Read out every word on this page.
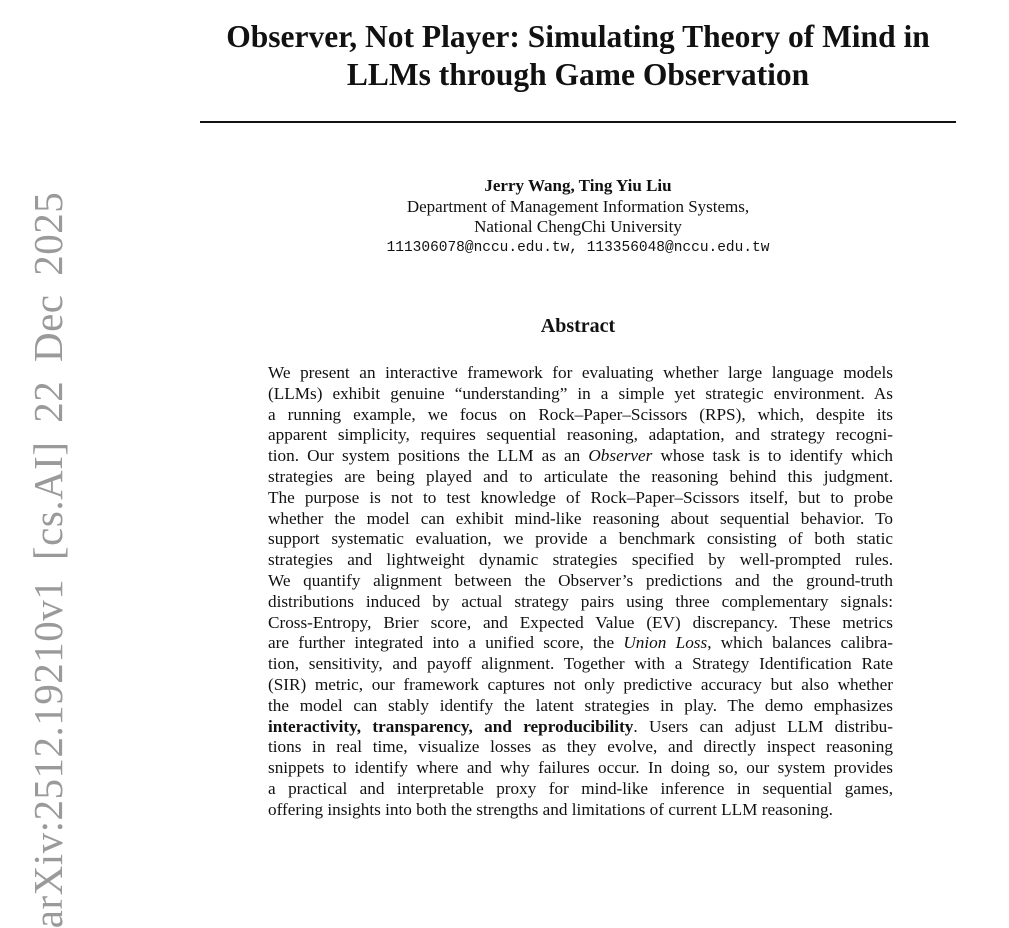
arXiv:2512.19210v1 [cs.AI] 22 Dec 2025
Observer, Not Player: Simulating Theory of Mind in
LLMs through Game Observation
Jerry Wang, Ting Yiu Liu
Department of Management Information Systems,
National ChengChi University
111306078@nccu.edu.tw, 113356048@nccu.edu.tw
Abstract
We present an interactive framework for evaluating whether large language models
(LLMs) exhibit genuine “understanding” in a simple yet strategic environment. As
a running example, we focus on Rock–Paper–Scissors (RPS), which, despite its
apparent simplicity, requires sequential reasoning, adaptation, and strategy recogni-
tion. Our system positions the LLM as an Observer whose task is to identify which
strategies are being played and to articulate the reasoning behind this judgment.
The purpose is not to test knowledge of Rock–Paper–Scissors itself, but to probe
whether the model can exhibit mind-like reasoning about sequential behavior. To
support systematic evaluation, we provide a benchmark consisting of both static
strategies and lightweight dynamic strategies specified by well-prompted rules.
We quantify alignment between the Observer’s predictions and the ground-truth
distributions induced by actual strategy pairs using three complementary signals:
Cross-Entropy, Brier score, and Expected Value (EV) discrepancy. These metrics
are further integrated into a unified score, the Union Loss, which balances calibra-
tion, sensitivity, and payoff alignment. Together with a Strategy Identification Rate
(SIR) metric, our framework captures not only predictive accuracy but also whether
the model can stably identify the latent strategies in play. The demo emphasizes
interactivity, transparency, and reproducibility. Users can adjust LLM distribu-
tions in real time, visualize losses as they evolve, and directly inspect reasoning
snippets to identify where and why failures occur. In doing so, our system provides
a practical and interpretable proxy for mind-like inference in sequential games,
offering insights into both the strengths and limitations of current LLM reasoning.
